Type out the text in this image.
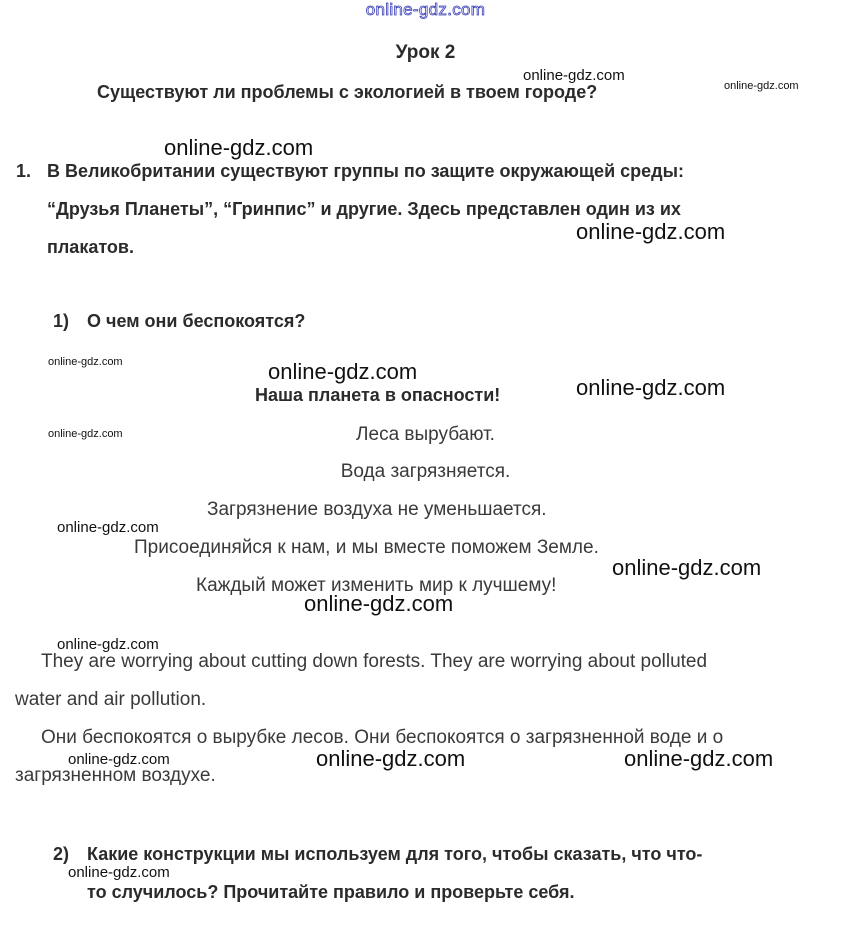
online-gdz.com
Урок 2
Существуют ли проблемы с экологией в твоем городе?
1. В Великобритании существуют группы по защите окружающей среды:
“Друзья Планеты”, “Гринпис” и другие. Здесь представлен один из их
плакатов.
1) О чем они беспокоятся?
Наша планета в опасности!
Леса вырубают.
Вода загрязняется.
Загрязнение воздуха не уменьшается.
Присоединяйся к нам, и мы вместе поможем Земле.
Каждый может изменить мир к лучшему!
They are worrying about cutting down forests. They are worrying about polluted
water and air pollution.
Они беспокоятся о вырубке лесов. Они беспокоятся о загрязненной воде и о
загрязненном воздухе.
2) Какие конструкции мы используем для того, чтобы сказать, что что-
то случилось? Прочитайте правило и проверьте себя.
online-gdz.com
online-gdz.com
online-gdz.com
online-gdz.com
online-gdz.com	online-gdz.com
online-gdz.com
online-gdz.com
online-gdz.com
online-gdz.com
online-gdz.com
online-gdz.com
online-gdz.com	online-gdz.com	online-gdz.com
online-gdz.com
